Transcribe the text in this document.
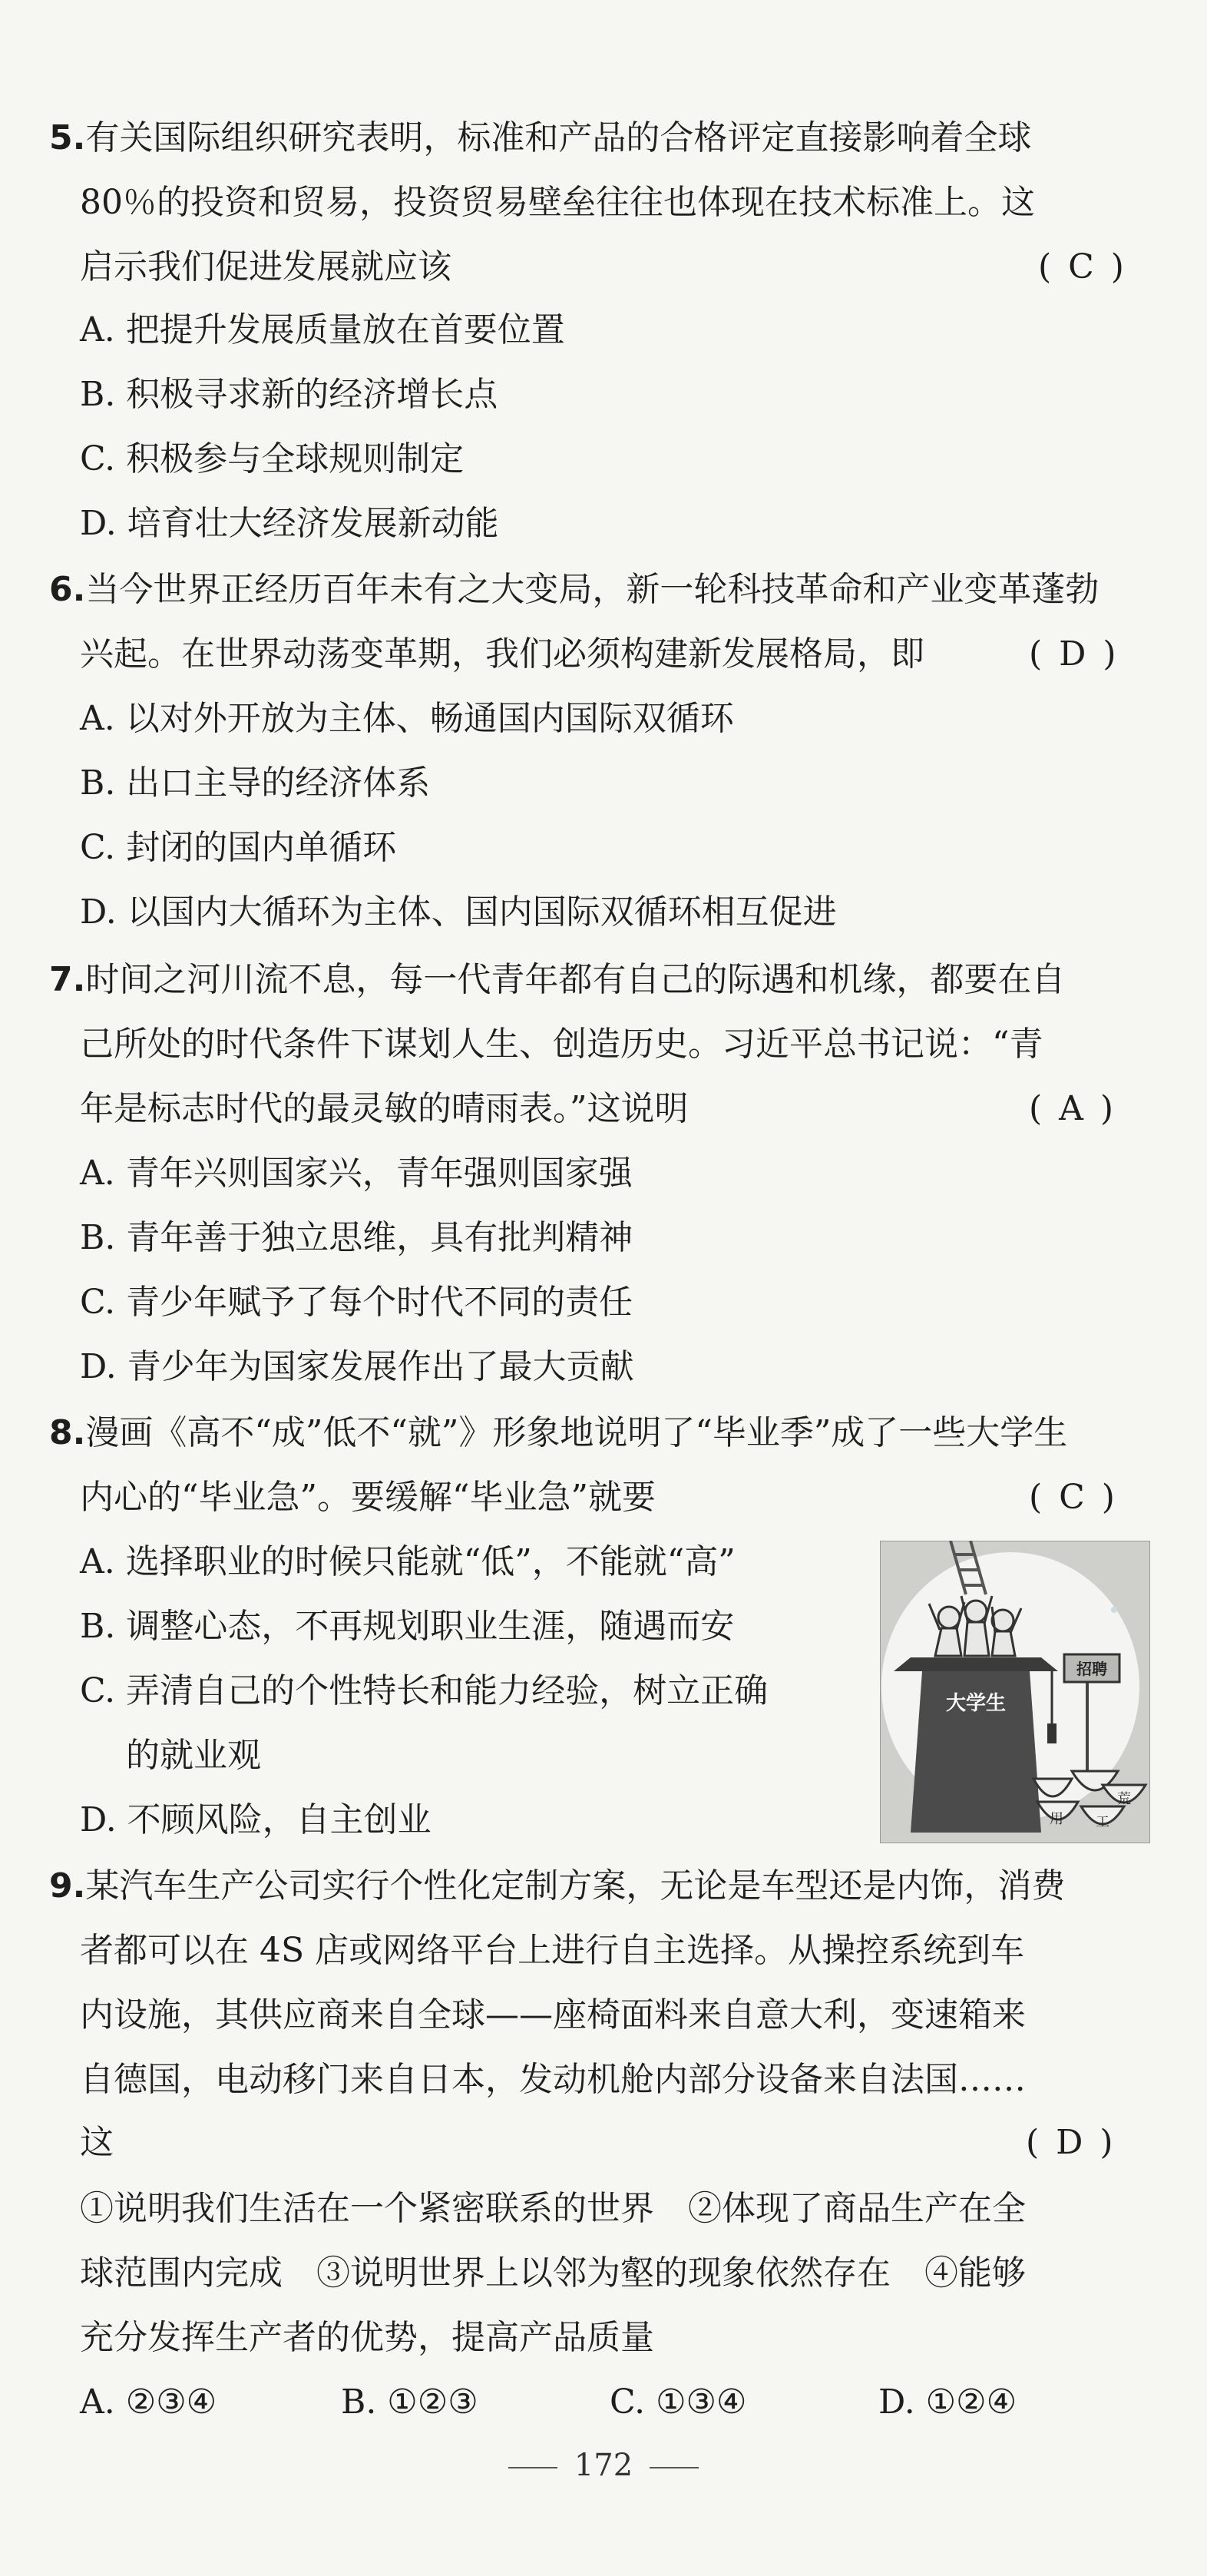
5.有关国际组织研究表明，标准和产品的合格评定直接影响着全球
80％的投资和贸易，投资贸易壁垒往往也体现在技术标准上。这
启示我们促进发展就应该	( C )
A. 把提升发展质量放在首要位置
B. 积极寻求新的经济增长点
C. 积极参与全球规则制定
D. 培育壮大经济发展新动能
6.当今世界正经历百年未有之大变局，新一轮科技革命和产业变革蓬勃
兴起。在世界动荡变革期，我们必须构建新发展格局，即	( D )
A. 以对外开放为主体、畅通国内国际双循环
B. 出口主导的经济体系
C. 封闭的国内单循环
D. 以国内大循环为主体、国内国际双循环相互促进
7.时间之河川流不息，每一代青年都有自己的际遇和机缘，都要在自
己所处的时代条件下谋划人生、创造历史。习近平总书记说：“青
年是标志时代的最灵敏的晴雨表。”这说明	( A )
A. 青年兴则国家兴，青年强则国家强
B. 青年善于独立思维，具有批判精神
C. 青少年赋予了每个时代不同的责任
D. 青少年为国家发展作出了最大贡献
8.漫画《高不“成”低不“就”》形象地说明了“毕业季”成了一些大学生
内心的“毕业急”。要缓解“毕业急”就要	( C )
A. 选择职业的时候只能就“低”，不能就“高”
B. 调整心态，不再规划职业生涯，随遇而安
C. 弄清自己的个性特长和能力经验，树立正确
的就业观
D. 不顾风险，自主创业
大学生
招聘
用 工
荒
9.某汽车生产公司实行个性化定制方案，无论是车型还是内饰，消费
者都可以在 4S 店或网络平台上进行自主选择。从操控系统到车
内设施，其供应商来自全球——座椅面料来自意大利，变速箱来
自德国，电动移门来自日本，发动机舱内部分设备来自法国……
这	( D )
①说明我们生活在一个紧密联系的世界　②体现了商品生产在全
球范围内完成　③说明世界上以邻为壑的现象依然存在　④能够
充分发挥生产者的优势，提高产品质量
A. ②③④	B. ①②③	C. ①③④	D. ①②④
172
